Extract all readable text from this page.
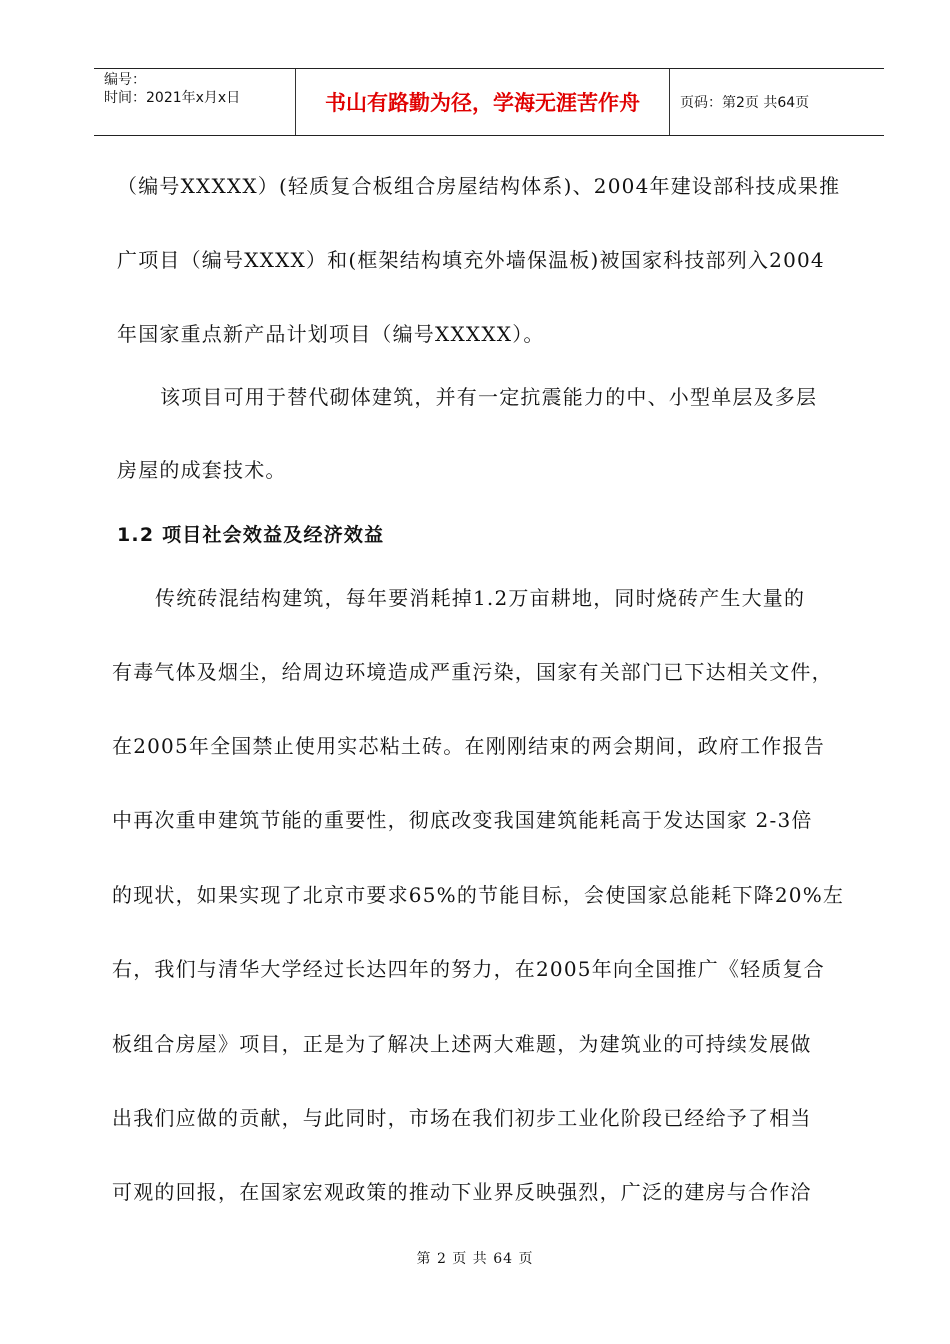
编号：
时间：2021年x月x日	书山有路勤为径，学海无涯苦作舟	页码：第2页 共64页
（编号XXXXX）(轻质复合板组合房屋结构体系)、2004年建设部科技成果推
广项目（编号XXXX）和(框架结构填充外墙保温板)被国家科技部列入2004
年国家重点新产品计划项目（编号XXXXX）。
该项目可用于替代砌体建筑，并有一定抗震能力的中、小型单层及多层
房屋的成套技术。
1.2 项目社会效益及经济效益
传统砖混结构建筑，每年要消耗掉1.2万亩耕地，同时烧砖产生大量的
有毒气体及烟尘，给周边环境造成严重污染，国家有关部门已下达相关文件，
在2005年全国禁止使用实芯粘土砖。在刚刚结束的两会期间，政府工作报告
中再次重申建筑节能的重要性，彻底改变我国建筑能耗高于发达国家 2-3倍
的现状，如果实现了北京市要求65%的节能目标，会使国家总能耗下降20%左
右，我们与清华大学经过长达四年的努力，在2005年向全国推广《轻质复合
板组合房屋》项目，正是为了解决上述两大难题，为建筑业的可持续发展做
出我们应做的贡献，与此同时，市场在我们初步工业化阶段已经给予了相当
可观的回报，在国家宏观政策的推动下业界反映强烈，广泛的建房与合作洽
第 2 页 共 64 页
